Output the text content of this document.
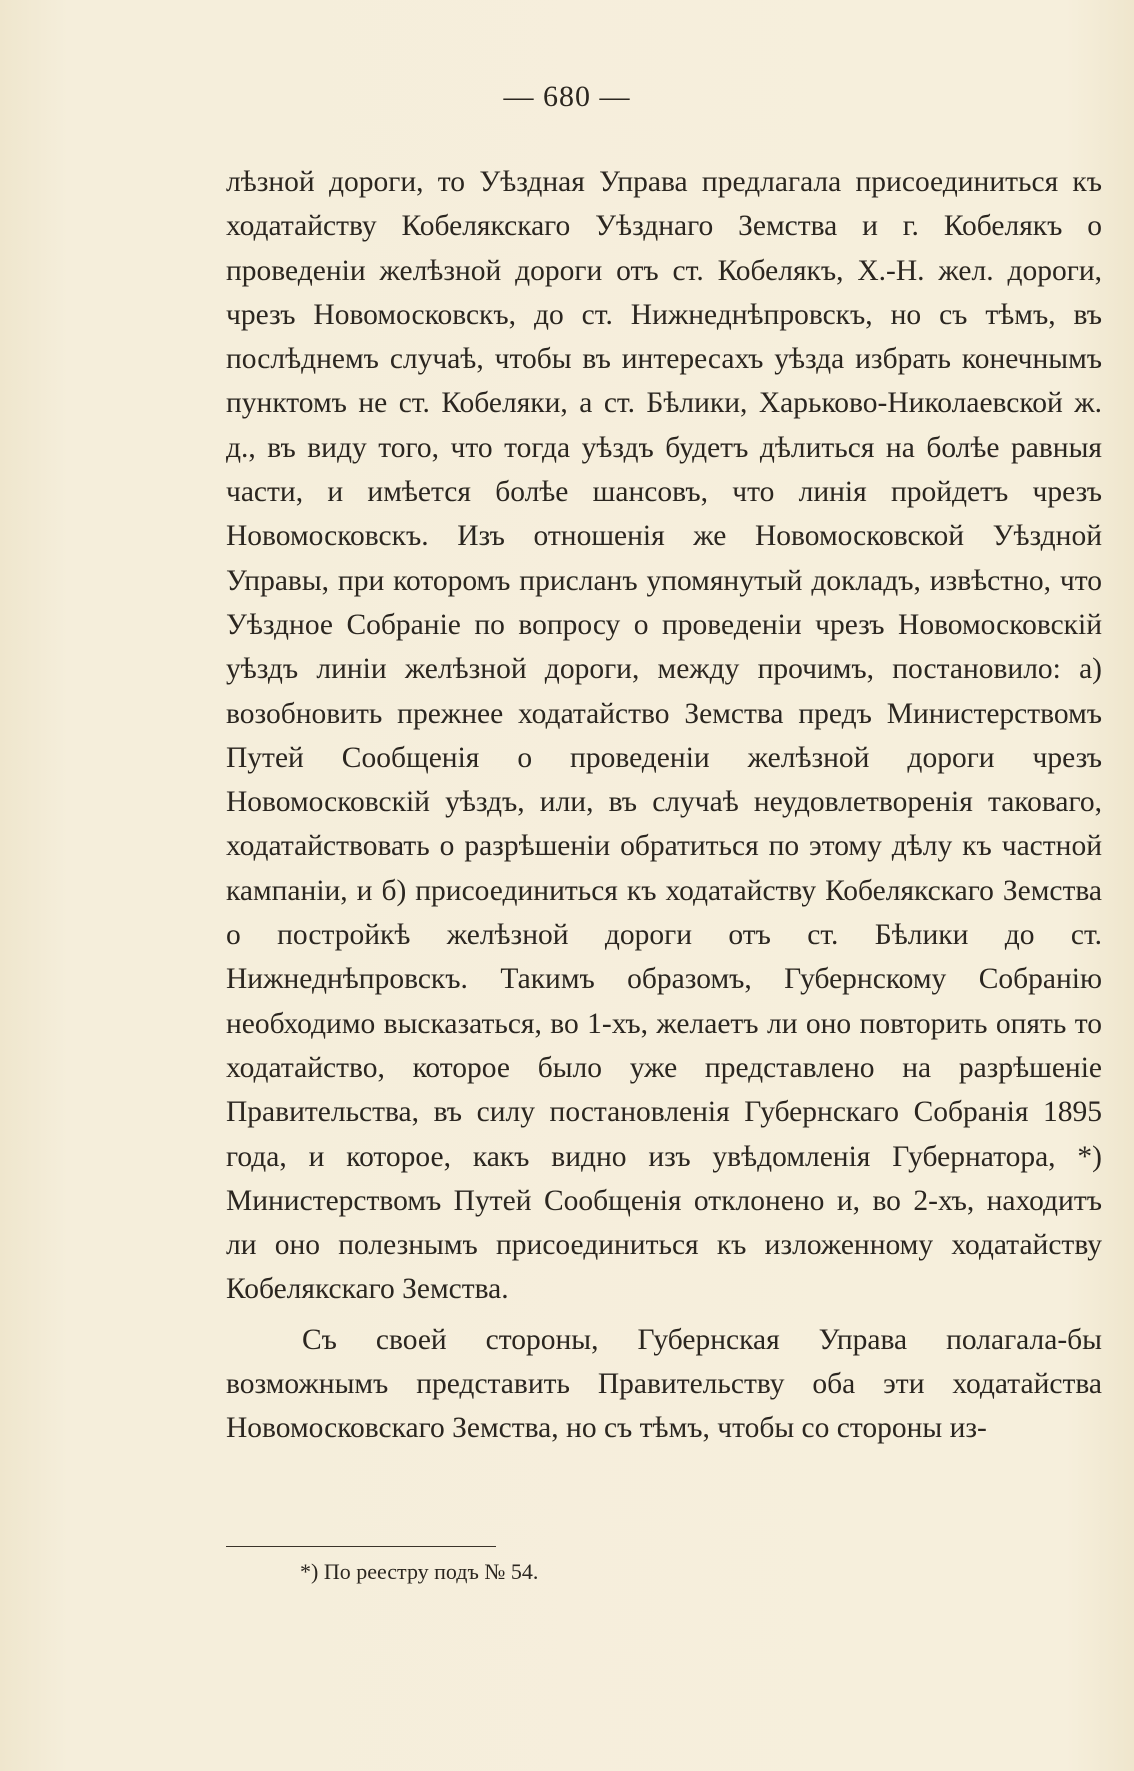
— 680 —

лѣзной дороги, то Уѣздная Управа предлагала присоединиться къ ходатайству Кобелякскаго Уѣзднаго Земства и г. Кобелякъ о проведенiи желѣзной дороги отъ ст. Кобелякъ, Х.-Н. жел. дороги, чрезъ Новомосковскъ, до ст. Нижнеднѣпровскъ, но съ тѣмъ, въ послѣднемъ случаѣ, чтобы въ интересахъ уѣзда избрать конечнымъ пунктомъ не ст. Кобеляки, а ст. Бѣлики, Харьково-Николаевской ж. д., въ виду того, что тогда уѣздъ будетъ дѣлиться на болѣе равныя части, и имѣется болѣе шансовъ, что линiя пройдетъ чрезъ Новомосковскъ. Изъ отношенiя же Новомосковской Уѣздной Управы, при которомъ присланъ упомянутый докладъ, извѣстно, что Уѣздное Собранiе по вопросу о проведенiи чрезъ Новомосковскiй уѣздъ линiи желѣзной дороги, между прочимъ, постановило: а) возобновить прежнее ходатайство Земства предъ Министерствомъ Путей Сообщенiя о проведенiи желѣзной дороги чрезъ Новомосковскiй уѣздъ, или, въ случаѣ неудовлетворенiя таковаго, ходатайствовать о разрѣшенiи обратиться по этому дѣлу къ частной кампанiи, и б) присоединиться къ ходатайству Кобелякскаго Земства о постройкѣ желѣзной дороги отъ ст. Бѣлики до ст. Нижнеднѣпровскъ. Такимъ образомъ, Губернскому Собранiю необходимо высказаться, во 1-хъ, желаетъ ли оно повторить опять то ходатайство, которое было уже представлено на разрѣшенiе Правительства, въ силу постановленiя Губернскаго Собранiя 1895 года, и которое, какъ видно изъ увѣдомленiя Губернатора, *) Министерствомъ Путей Сообщенiя отклонено и, во 2-хъ, находитъ ли оно полезнымъ присоединиться къ изложенному ходатайству Кобелякскаго Земства.

Съ своей стороны, Губернская Управа полагала-бы возможнымъ представить Правительству оба эти ходатайства Новомосковскаго Земства, но съ тѣмъ, чтобы со стороны из-

*) По реестру подъ № 54.
